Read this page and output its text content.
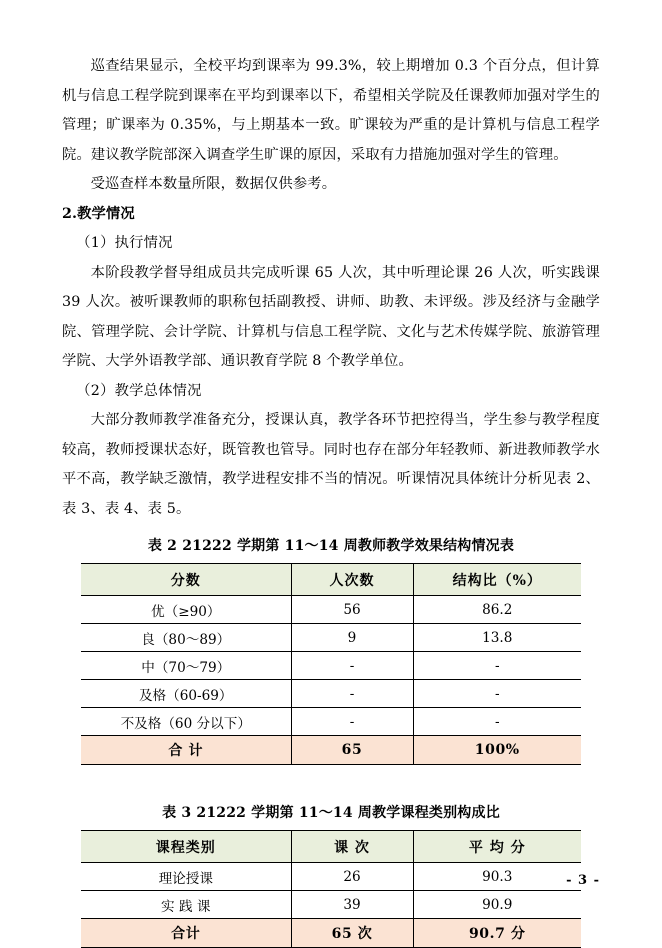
巡查结果显示，全校平均到课率为 99.3%，较上期增加 0.3 个百分点，但计算机与信息工程学院到课率在平均到课率以下，希望相关学院及任课教师加强对学生的管理；旷课率为 0.35%，与上期基本一致。旷课较为严重的是计算机与信息工程学院。建议教学院部深入调查学生旷课的原因，采取有力措施加强对学生的管理。

受巡查样本数量所限，数据仅供参考。

2.教学情况

（1）执行情况

本阶段教学督导组成员共完成听课 65 人次，其中听理论课 26 人次，听实践课 39 人次。被听课教师的职称包括副教授、讲师、助教、未评级。涉及经济与金融学院、管理学院、会计学院、计算机与信息工程学院、文化与艺术传媒学院、旅游管理学院、大学外语教学部、通识教育学院 8 个教学单位。

（2）教学总体情况

大部分教师教学准备充分，授课认真，教学各环节把控得当，学生参与教学程度较高，教师授课状态好，既管教也管导。同时也存在部分年轻教师、新进教师教学水平不高，教学缺乏激情，教学进程安排不当的情况。听课情况具体统计分析见表 2、表 3、表 4、表 5。

表 2 21222 学期第 11～14 周教师教学效果结构情况表

分数	人次数	结构比（%）
优（≥90）	56	86.2
良（80～89）	9	13.8
中（70～79）	-	-
及格（60-69）	-	-
不及格（60 分以下）	-	-
合 计	65	100%

表 3 21222 学期第 11～14 周教学课程类别构成比

课程类别	课 次	平 均 分
理论授课	26	90.3
实 践 课	39	90.9
合计	65 次	90.7 分
- 3 -
